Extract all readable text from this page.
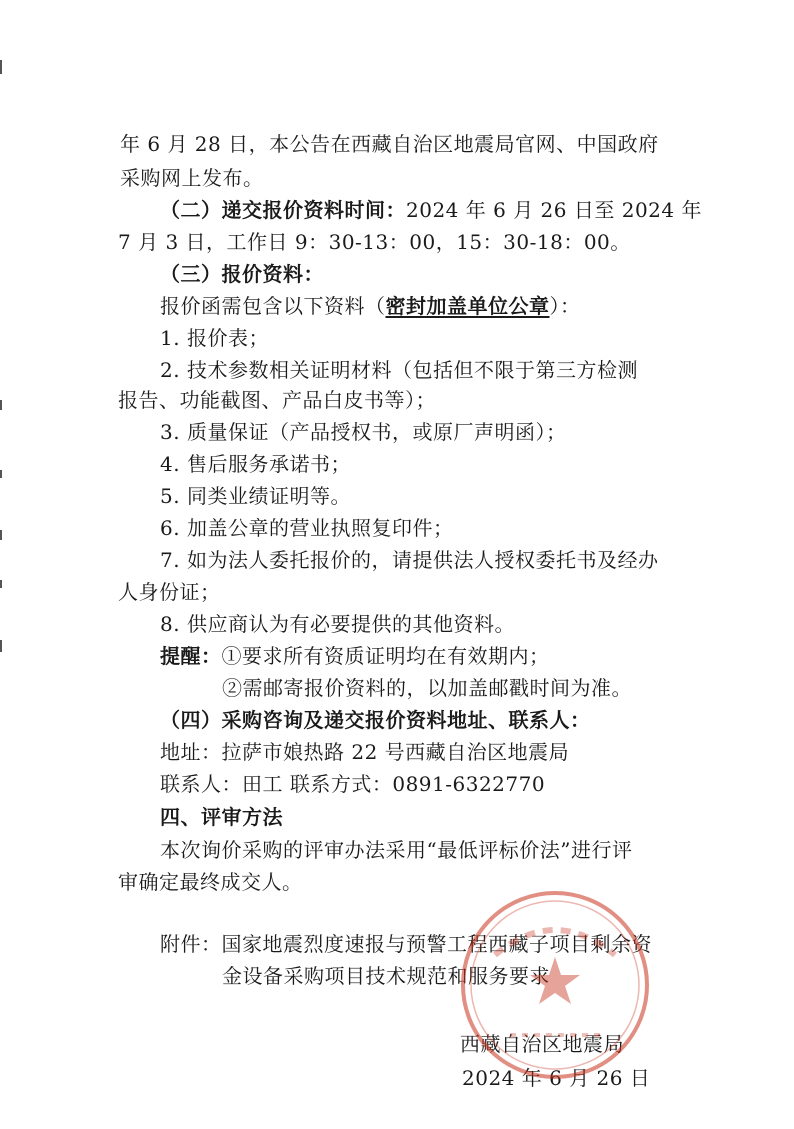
年 6 月 28 日，本公告在西藏自治区地震局官网、中国政府
采购网上发布。
（二）递交报价资料时间：2024 年 6 月 26 日至 2024 年
7 月 3 日，工作日 9：30-13：00，15：30-18：00。
（三）报价资料：
报价函需包含以下资料（密封加盖单位公章）：
1. 报价表；
2. 技术参数相关证明材料（包括但不限于第三方检测
报告、功能截图、产品白皮书等）；
3. 质量保证（产品授权书，或原厂声明函）；
4. 售后服务承诺书；
5. 同类业绩证明等。
6. 加盖公章的营业执照复印件；
7. 如为法人委托报价的，请提供法人授权委托书及经办
人身份证；
8. 供应商认为有必要提供的其他资料。
提醒：①要求所有资质证明均在有效期内；
②需邮寄报价资料的，以加盖邮戳时间为准。
（四）采购咨询及递交报价资料地址、联系人：
地址：拉萨市娘热路 22 号西藏自治区地震局
联系人：田工 联系方式：0891-6322770
四、评审方法
本次询价采购的评审办法采用“最低评标价法”进行评
审确定最终成交人。
附件：国家地震烈度速报与预警工程西藏子项目剩余资
金设备采购项目技术规范和服务要求
西藏自治区地震局
2024 年 6 月 26 日
